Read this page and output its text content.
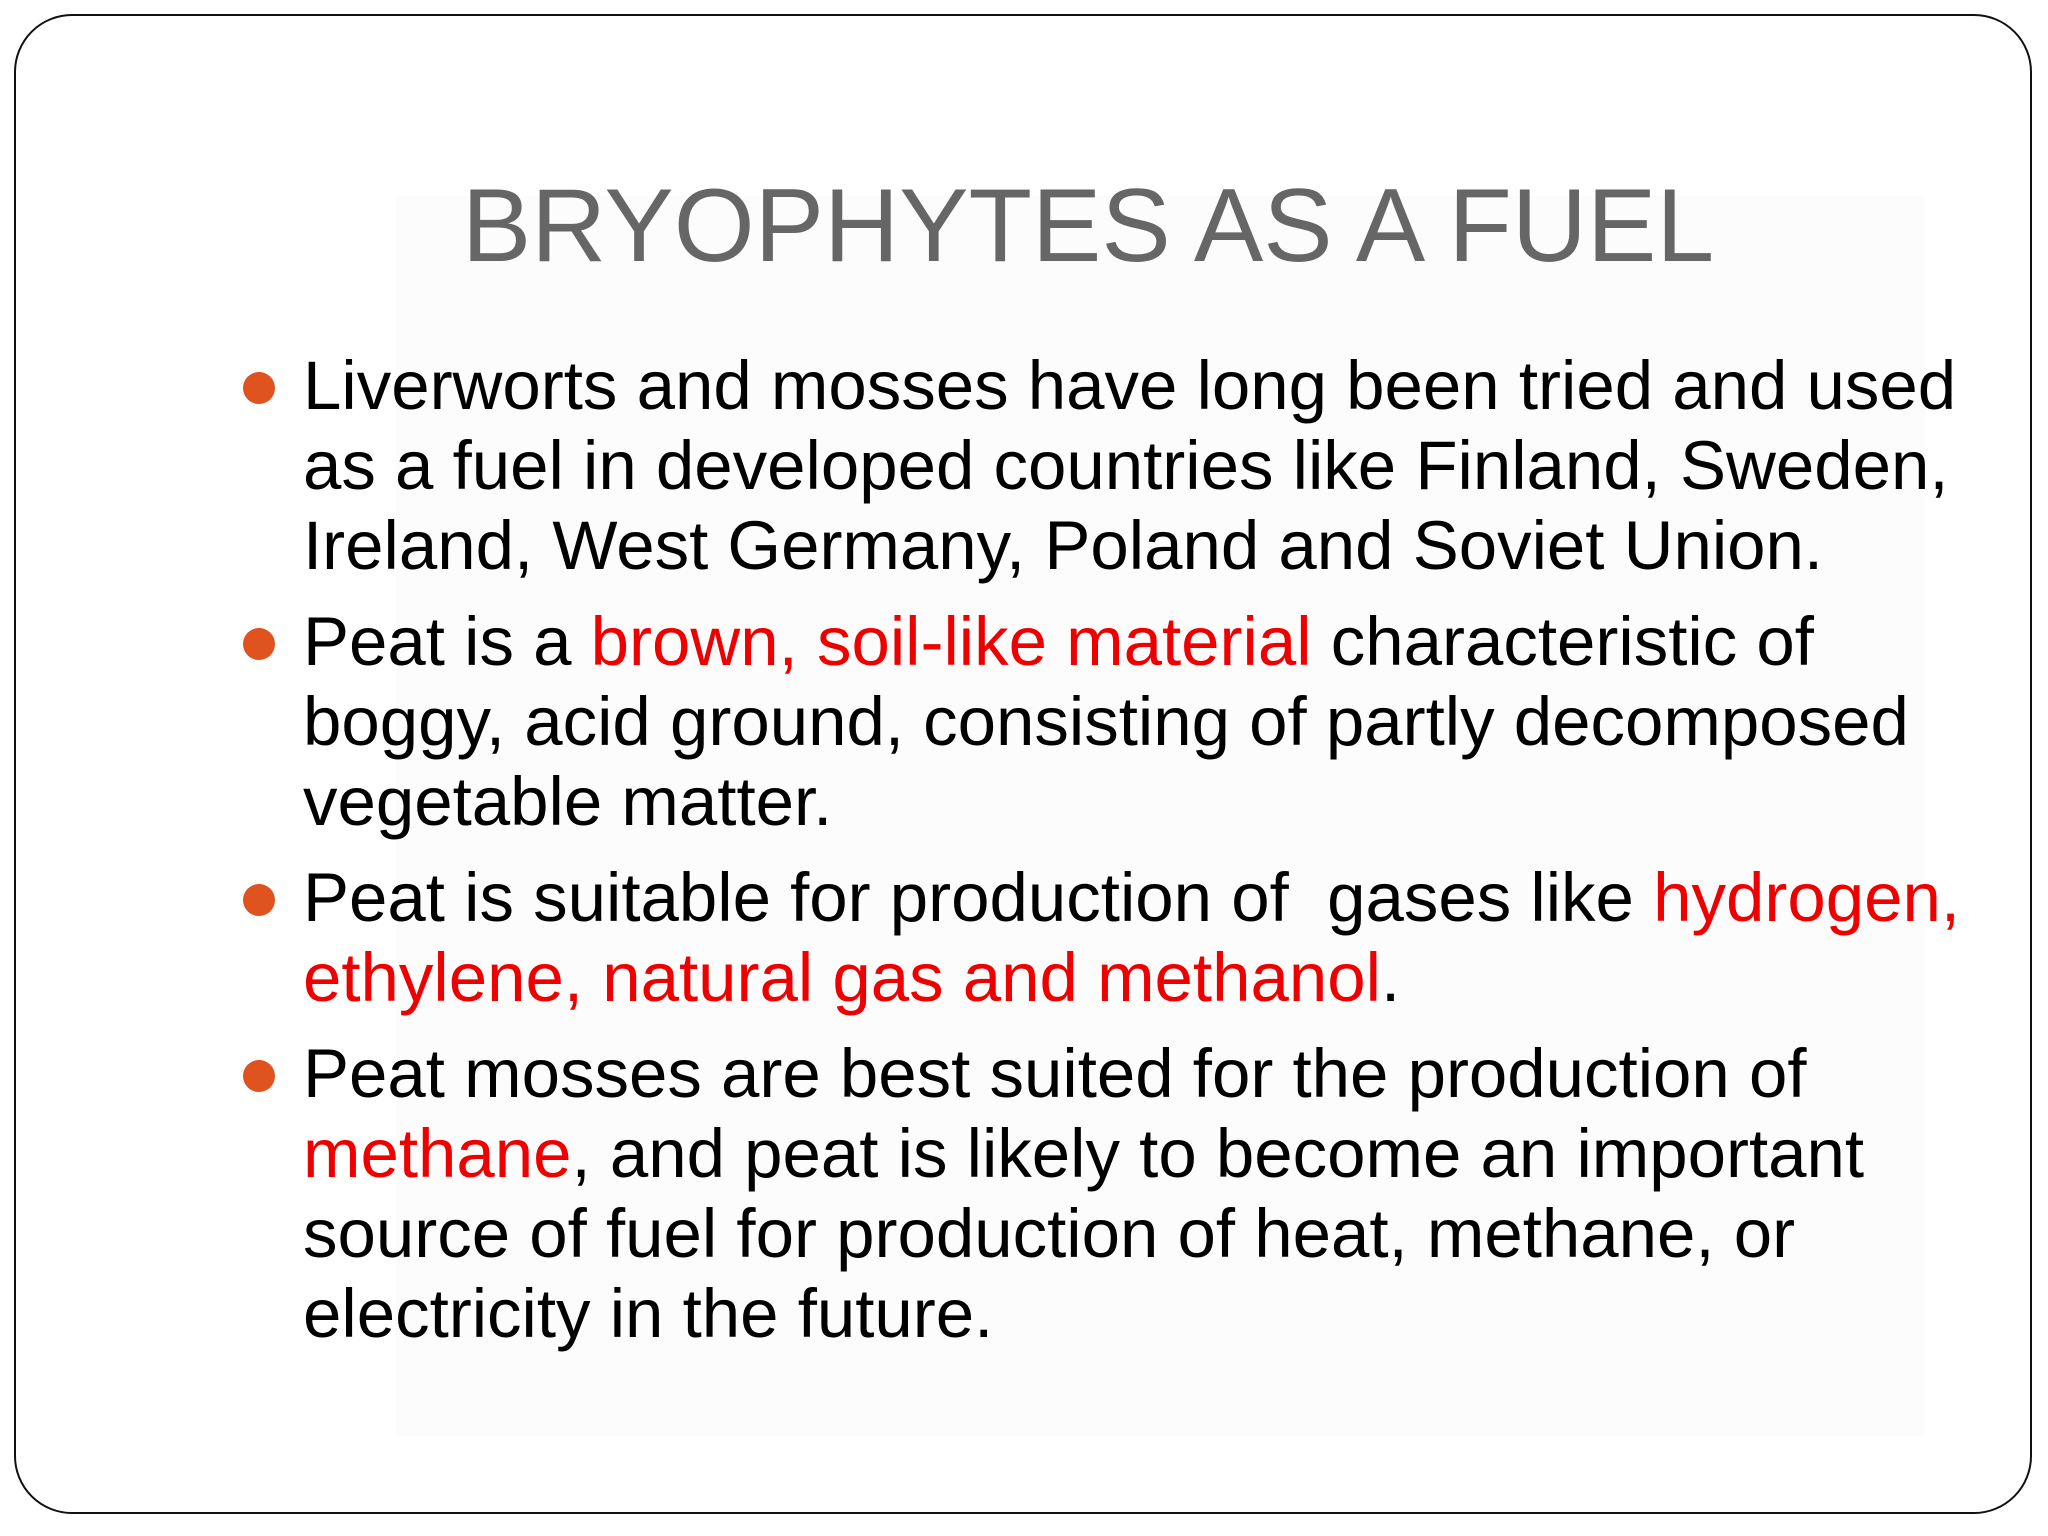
BRYOPHYTES AS A FUEL
Liverworts and mosses have long been tried and used as a fuel in developed countries like Finland, Sweden, Ireland, West Germany, Poland and Soviet Union.
Peat is a brown, soil-like material characteristic of boggy, acid ground, consisting of partly decomposed vegetable matter.
Peat is suitable for production of  gases like hydrogen, ethylene, natural gas and methanol.
Peat mosses are best suited for the production of methane, and peat is likely to become an important source of fuel for production of heat, methane, or electricity in the future.
